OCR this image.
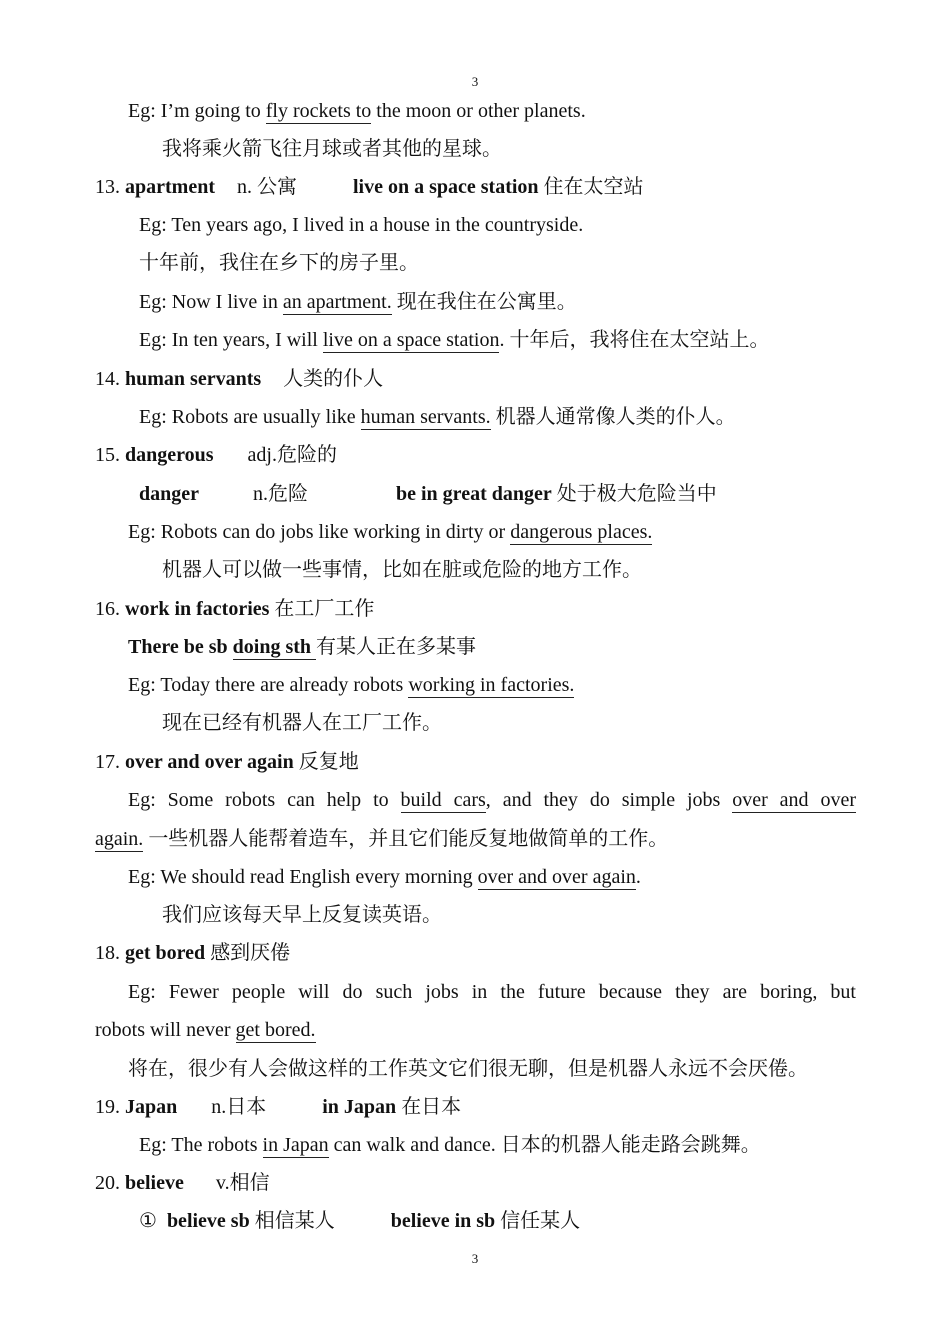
3
Eg: I’m going to fly rockets to the moon or other planets.
我将乘火箭飞往月球或者其他的星球。
13. apartment n. 公寓	live on a space station 住在太空站
Eg: Ten years ago, I lived in a house in the countryside.
十年前，我住在乡下的房子里。
Eg: Now I live in an apartment. 现在我住在公寓里。
Eg: In ten years, I will live on a space station. 十年后，我将住在太空站上。
14. human servants 人类的仆人
Eg: Robots are usually like human servants. 机器人通常像人类的仆人。
15. dangerous adj.危险的
danger	n.危险	be in great danger 处于极大危险当中
Eg: Robots can do jobs like working in dirty or dangerous places.
机器人可以做一些事情，比如在脏或危险的地方工作。
16. work in factories 在工厂工作
There be sb doing sth 有某人正在多某事
Eg: Today there are already robots working in factories.
现在已经有机器人在工厂工作。
17. over and over again 反复地
Eg: Some robots can help to build cars, and they do simple jobs over and over
again. 一些机器人能帮着造车，并且它们能反复地做简单的工作。
Eg: We should read English every morning over and over again.
我们应该每天早上反复读英语。
18. get bored 感到厌倦
Eg: Fewer people will do such jobs in the future because they are boring, but
robots will never get bored.
将在，很少有人会做这样的工作英文它们很无聊，但是机器人永远不会厌倦。
19. Japan n.日本	in Japan 在日本
Eg: The robots in Japan can walk and dance. 日本的机器人能走路会跳舞。
20. believe v.相信
① believe sb 相信某人	believe in sb 信任某人
3
